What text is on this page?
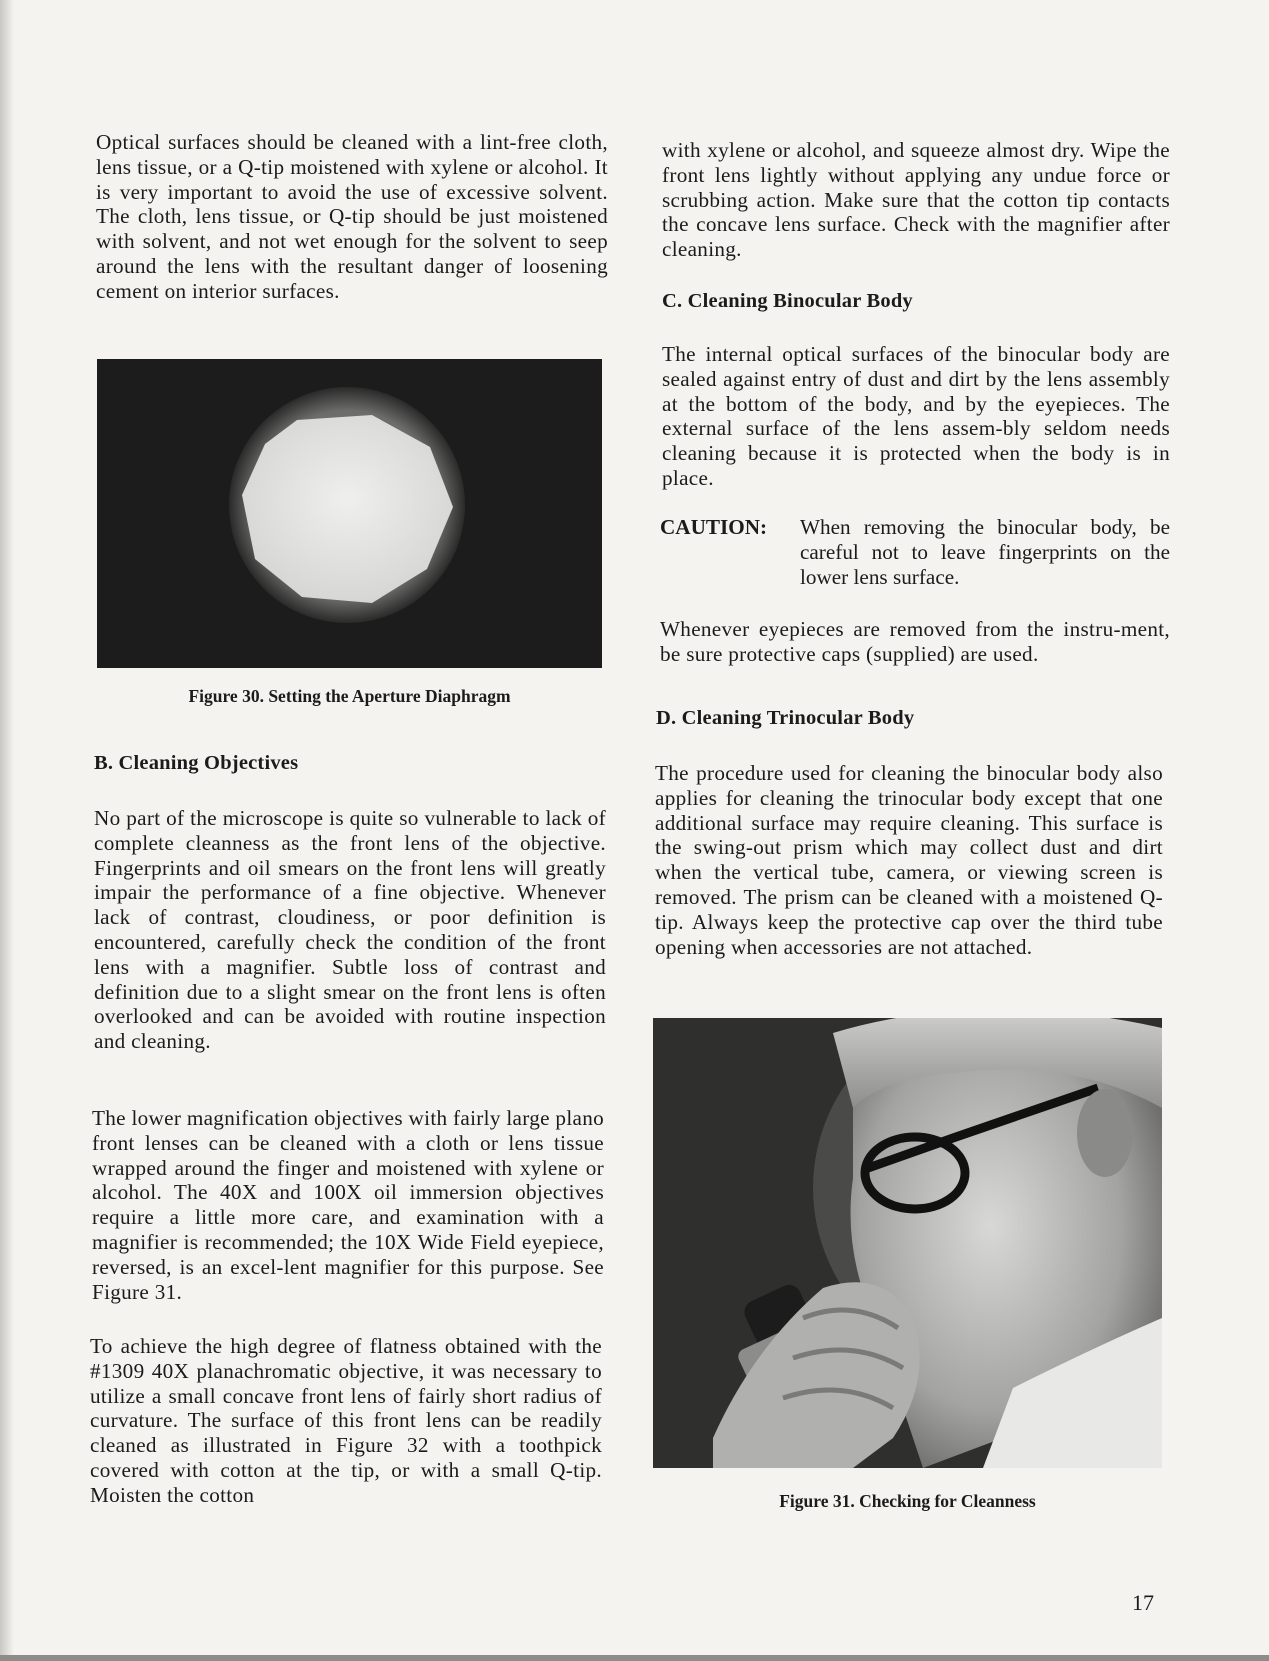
Optical surfaces should be cleaned with a lint-free cloth, lens tissue, or a Q-tip moistened with xylene or alcohol. It is very important to avoid the use of excessive solvent. The cloth, lens tissue, or Q-tip should be just moistened with solvent, and not wet enough for the solvent to seep around the lens with the resultant danger of loosening cement on interior surfaces.

Figure 30. Setting the Aperture Diaphragm

B. Cleaning Objectives

No part of the microscope is quite so vulnerable to lack of complete cleanness as the front lens of the objective. Fingerprints and oil smears on the front lens will greatly impair the performance of a fine objective. Whenever lack of contrast, cloudiness, or poor definition is encountered, carefully check the condition of the front lens with a magnifier. Subtle loss of contrast and definition due to a slight smear on the front lens is often overlooked and can be avoided with routine inspection and cleaning.

The lower magnification objectives with fairly large plano front lenses can be cleaned with a cloth or lens tissue wrapped around the finger and moistened with xylene or alcohol. The 40X and 100X oil immersion objectives require a little more care, and examination with a magnifier is recommended; the 10X Wide Field eyepiece, reversed, is an excel-lent magnifier for this purpose. See Figure 31.

To achieve the high degree of flatness obtained with the #1309 40X planachromatic objective, it was necessary to utilize a small concave front lens of fairly short radius of curvature. The surface of this front lens can be readily cleaned as illustrated in Figure 32 with a toothpick covered with cotton at the tip, or with a small Q-tip. Moisten the cotton

with xylene or alcohol, and squeeze almost dry. Wipe the front lens lightly without applying any undue force or scrubbing action. Make sure that the cotton tip contacts the concave lens surface. Check with the magnifier after cleaning.

C. Cleaning Binocular Body

The internal optical surfaces of the binocular body are sealed against entry of dust and dirt by the lens assembly at the bottom of the body, and by the eyepieces. The external surface of the lens assem-bly seldom needs cleaning because it is protected when the body is in place.

CAUTION:	When removing the binocular body, be careful not to leave fingerprints on the lower lens surface.

Whenever eyepieces are removed from the instru-ment, be sure protective caps (supplied) are used.

D. Cleaning Trinocular Body

The procedure used for cleaning the binocular body also applies for cleaning the trinocular body except that one additional surface may require cleaning. This surface is the swing-out prism which may collect dust and dirt when the vertical tube, camera, or viewing screen is removed. The prism can be cleaned with a moistened Q-tip. Always keep the protective cap over the third tube opening when accessories are not attached.

Figure 31. Checking for Cleanness

17
